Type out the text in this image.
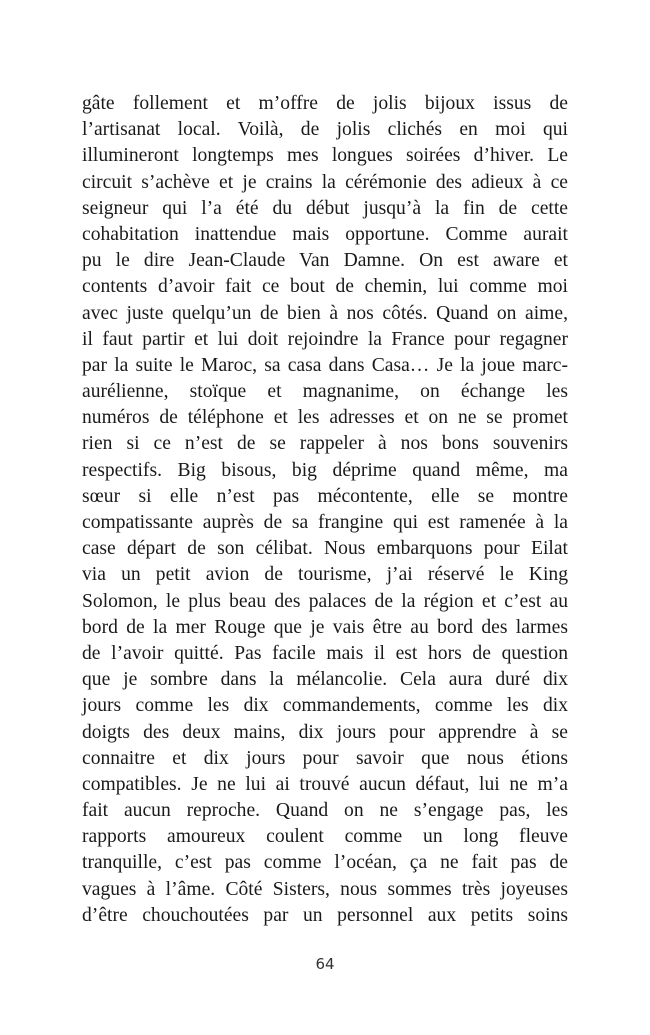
gâte follement et m’offre de jolis bijoux issus de
l’artisanat local. Voilà, de jolis clichés en moi qui
illumineront longtemps mes longues soirées d’hiver. Le
circuit s’achève et je crains la cérémonie des adieux à ce
seigneur qui l’a été du début jusqu’à la fin de cette
cohabitation inattendue mais opportune. Comme aurait
pu le dire Jean-Claude Van Damne. On est aware et
contents d’avoir fait ce bout de chemin, lui comme moi
avec juste quelqu’un de bien à nos côtés. Quand on aime,
il faut partir et lui doit rejoindre la France pour regagner
par la suite le Maroc, sa casa dans Casa… Je la joue marc-
aurélienne, stoïque et magnanime, on échange les
numéros de téléphone et les adresses et on ne se promet
rien si ce n’est de se rappeler à nos bons souvenirs
respectifs. Big bisous, big déprime quand même, ma
sœur si elle n’est pas mécontente, elle se montre
compatissante auprès de sa frangine qui est ramenée à la
case départ de son célibat. Nous embarquons pour Eilat
via un petit avion de tourisme, j’ai réservé le King
Solomon, le plus beau des palaces de la région et c’est au
bord de la mer Rouge que je vais être au bord des larmes
de l’avoir quitté. Pas facile mais il est hors de question
que je sombre dans la mélancolie. Cela aura duré dix
jours comme les dix commandements, comme les dix
doigts des deux mains, dix jours pour apprendre à se
connaitre et dix jours pour savoir que nous étions
compatibles. Je ne lui ai trouvé aucun défaut, lui ne m’a
fait aucun reproche. Quand on ne s’engage pas, les
rapports amoureux coulent comme un long fleuve
tranquille, c’est pas comme l’océan, ça ne fait pas de
vagues à l’âme. Côté Sisters, nous sommes très joyeuses
d’être chouchoutées par un personnel aux petits soins
64
